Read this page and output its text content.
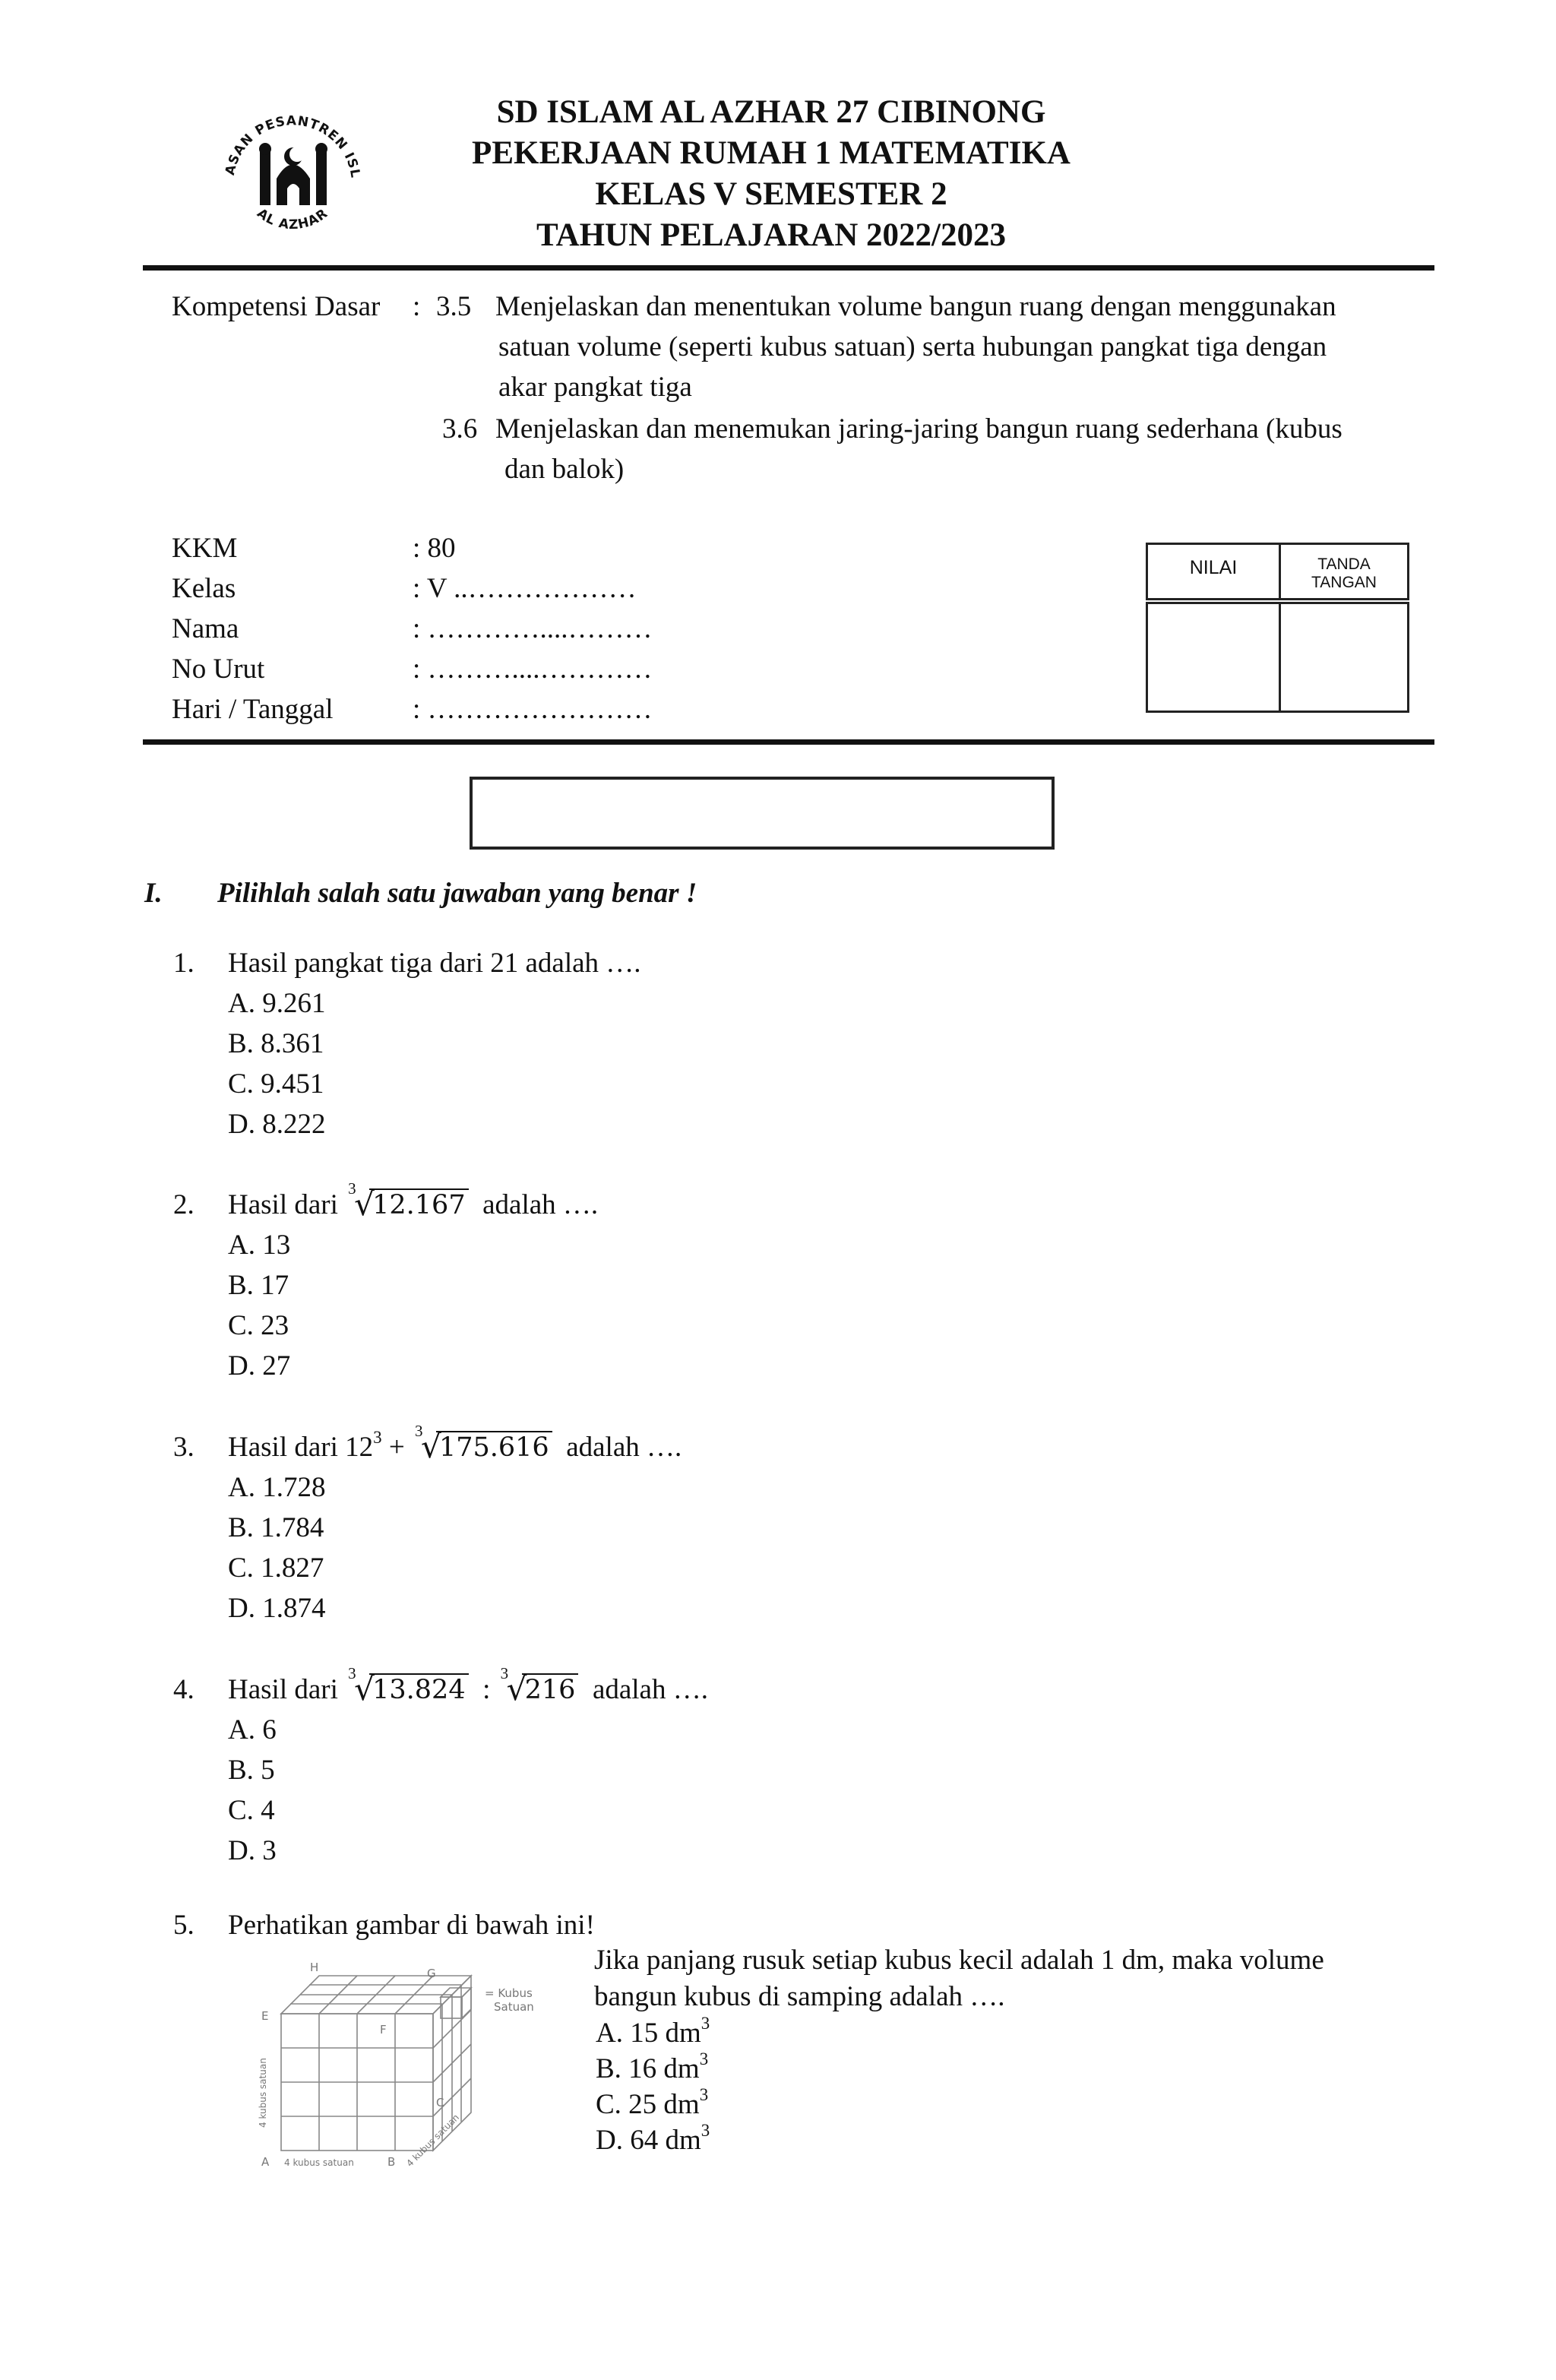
ASAN PESANTREN ISL
AL AZHAR
SD ISLAM AL AZHAR 27 CIBINONG
PEKERJAAN RUMAH 1 MATEMATIKA
KELAS V SEMESTER 2
TAHUN PELAJARAN 2022/2023
Kompetensi Dasar : 3.5 Menjelaskan dan menentukan volume bangun ruang dengan menggunakan
satuan volume (seperti kubus satuan) serta hubungan pangkat tiga dengan
akar pangkat tiga
3.6 Menjelaskan dan menemukan jaring-jaring bangun ruang sederhana (kubus
dan balok)
KKM	: 80
Kelas	: V ..………………
Nama	: …………....………
No Urut	: ………....…………
Hari / Tanggal	: ……………………
NILAI	TANDA
TANGAN
I. Pilihlah salah satu jawaban yang benar !
1. Hasil pangkat tiga dari 21 adalah ….
A. 9.261
B. 8.361
C. 9.451
D. 8.222
2. Hasil dari
3
√
12.167 adalah ….
A. 13
B. 17
C. 23
D. 27
3. Hasil dari $12^3$ +
3
√
175.616 adalah ….
A. 1.728
B. 1.784
C. 1.827
D. 1.874
4. Hasil dari
3
√
13.824 :
3
√
216 adalah ….
A. 6
B. 5
C. 4
D. 3
5. Perhatikan gambar di bawah ini!
H	G
E
F
C
A	B
= Kubus
Satuan
4 kubus satuan
4 kubus satuan
4 kubus satuan
Jika panjang rusuk setiap kubus kecil adalah 1 dm, maka volume
bangun kubus di samping adalah ….
A. 15 $dm^3$
B. 16 $dm^3$
C. 25 $dm^3$
D. 64 $dm^3$
